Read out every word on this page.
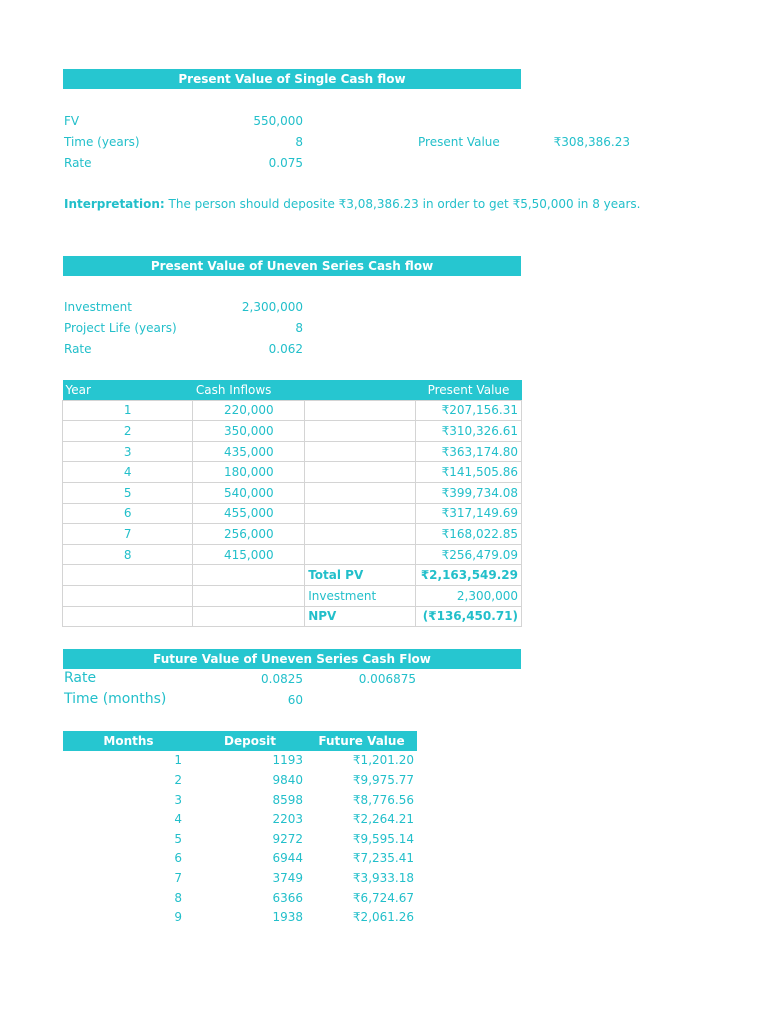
Present Value of Single Cash flow
FV	550,000
Time (years)	8
Rate	0.075
Present Value	₹308,386.23
Interpretation: The person should deposite ₹3,08,386.23 in order to get ₹5,50,000 in 8 years.
Present Value of Uneven Series Cash flow
Investment	2,300,000
Project Life (years)	8
Rate	0.062
Year	Cash Inflows		Present Value
1	220,000		₹207,156.31
2	350,000		₹310,326.61
3	435,000		₹363,174.80
4	180,000		₹141,505.86
5	540,000		₹399,734.08
6	455,000		₹317,149.69
7	256,000		₹168,022.85
8	415,000		₹256,479.09
		Total PV	₹2,163,549.29
		Investment	2,300,000
		NPV	(₹136,450.71)
Future Value of Uneven Series Cash Flow
Rate	0.0825	0.006875
Time (months)	60
Months	Deposit	Future Value
1	1193	₹1,201.20
2	9840	₹9,975.77
3	8598	₹8,776.56
4	2203	₹2,264.21
5	9272	₹9,595.14
6	6944	₹7,235.41
7	3749	₹3,933.18
8	6366	₹6,724.67
9	1938	₹2,061.26
